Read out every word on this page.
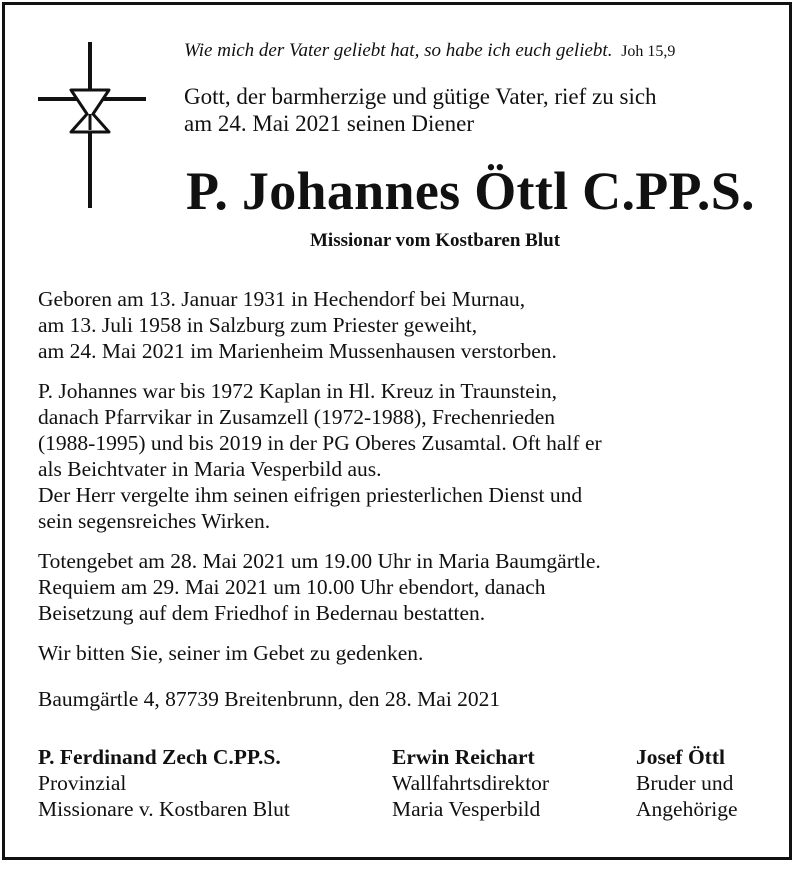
Wie mich der Vater geliebt hat, so habe ich euch geliebt. Joh 15,9
Gott, der barmherzige und gütige Vater, rief zu sich
am 24. Mai 2021 seinen Diener
P. Johannes Öttl C.PP.S.
Missionar vom Kostbaren Blut

Geboren am 13. Januar 1931 in Hechendorf bei Murnau,
am 13. Juli 1958 in Salzburg zum Priester geweiht,
am 24. Mai 2021 im Marienheim Mussenhausen verstorben.

P. Johannes war bis 1972 Kaplan in Hl. Kreuz in Traunstein,
danach Pfarrvikar in Zusamzell (1972-1988), Frechenrieden
(1988-1995) und bis 2019 in der PG Oberes Zusamtal. Oft half er
als Beichtvater in Maria Vesperbild aus.
Der Herr vergelte ihm seinen eifrigen priesterlichen Dienst und
sein segensreiches Wirken.

Totengebet am 28. Mai 2021 um 19.00 Uhr in Maria Baumgärtle.
Requiem am 29. Mai 2021 um 10.00 Uhr ebendort, danach
Beisetzung auf dem Friedhof in Bedernau bestatten.

Wir bitten Sie, seiner im Gebet zu gedenken.

Baumgärtle 4, 87739 Breitenbrunn, den 28. Mai 2021
P. Ferdinand Zech C.PP.S.
Provinzial
Missionare v. Kostbaren Blut
Erwin Reichart
Wallfahrtsdirektor
Maria Vesperbild
Josef Öttl
Bruder und
Angehörige
